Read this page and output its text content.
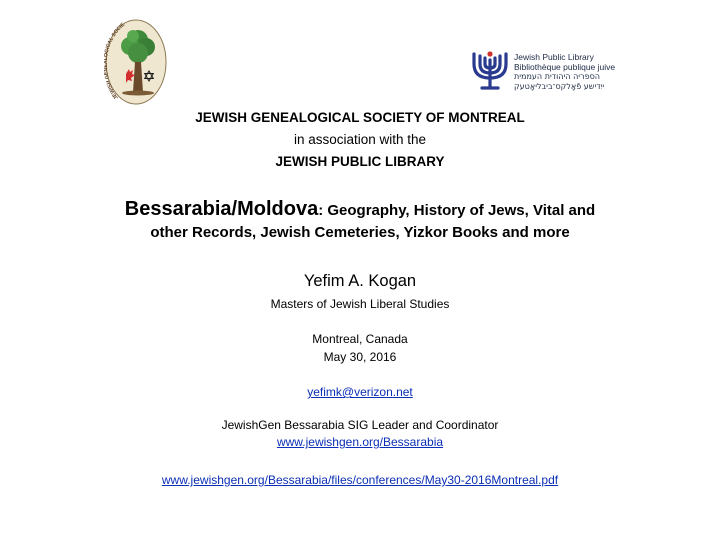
JEWISH GE GICAL SOCIE
Jewish Public Library
Bibliothèque publique juive
הספריה היהודית העממית
ייִדישע פֿאָלקס־ביבליאָטעק
JEWISH GENEALOGICAL SOCIETY OF MONTREAL
in association with the
JEWISH PUBLIC LIBRARY
Bessarabia/Moldova: Geography, History of Jews, Vital and
other Records, Jewish Cemeteries, Yizkor Books and more
Yefim A. Kogan
Masters of Jewish Liberal Studies
Montreal, Canada
May 30, 2016
yefimk@verizon.net
JewishGen Bessarabia SIG Leader and Coordinator
www.jewishgen.org/Bessarabia
www.jewishgen.org/Bessarabia/files/conferences/May30-2016Montreal.pdf
